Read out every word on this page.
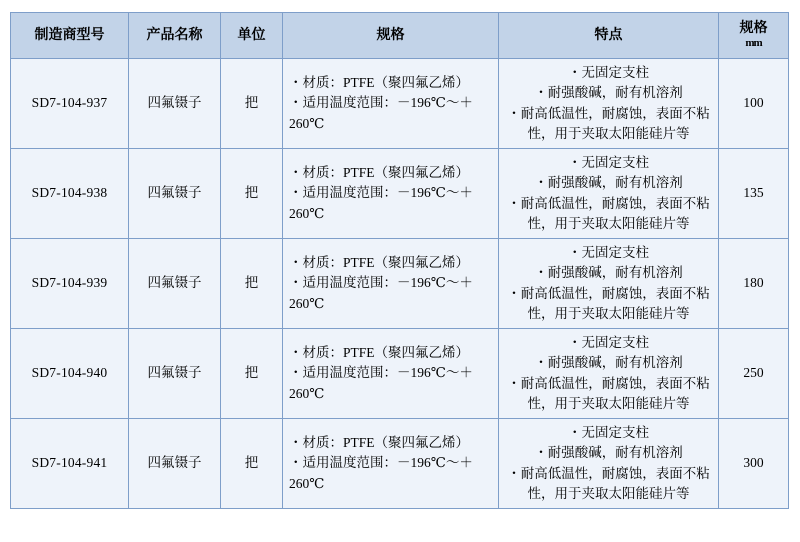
制造商型号	产品名称	单位	规格	特点	规格
mm

SD7-104-937	四氟镊子	把	・材质：PTFE（聚四氟乙烯）
・适用温度范围：－196℃～＋260℃	・无固定支柱
・耐强酸碱，耐有机溶剂
・耐高低温性，耐腐蚀，表面不粘性，用于夹取太阳能硅片等	100
SD7-104-938	四氟镊子	把	・材质：PTFE（聚四氟乙烯）
・适用温度范围：－196℃～＋260℃	・无固定支柱
・耐强酸碱，耐有机溶剂
・耐高低温性，耐腐蚀，表面不粘性，用于夹取太阳能硅片等	135
SD7-104-939	四氟镊子	把	・材质：PTFE（聚四氟乙烯）
・适用温度范围：－196℃～＋260℃	・无固定支柱
・耐强酸碱，耐有机溶剂
・耐高低温性，耐腐蚀，表面不粘性，用于夹取太阳能硅片等	180
SD7-104-940	四氟镊子	把	・材质：PTFE（聚四氟乙烯）
・适用温度范围：－196℃～＋260℃	・无固定支柱
・耐强酸碱，耐有机溶剂
・耐高低温性，耐腐蚀，表面不粘性，用于夹取太阳能硅片等	250
SD7-104-941	四氟镊子	把	・材质：PTFE（聚四氟乙烯）
・适用温度范围：－196℃～＋260℃	・无固定支柱
・耐强酸碱，耐有机溶剂
・耐高低温性，耐腐蚀，表面不粘性，用于夹取太阳能硅片等	300
